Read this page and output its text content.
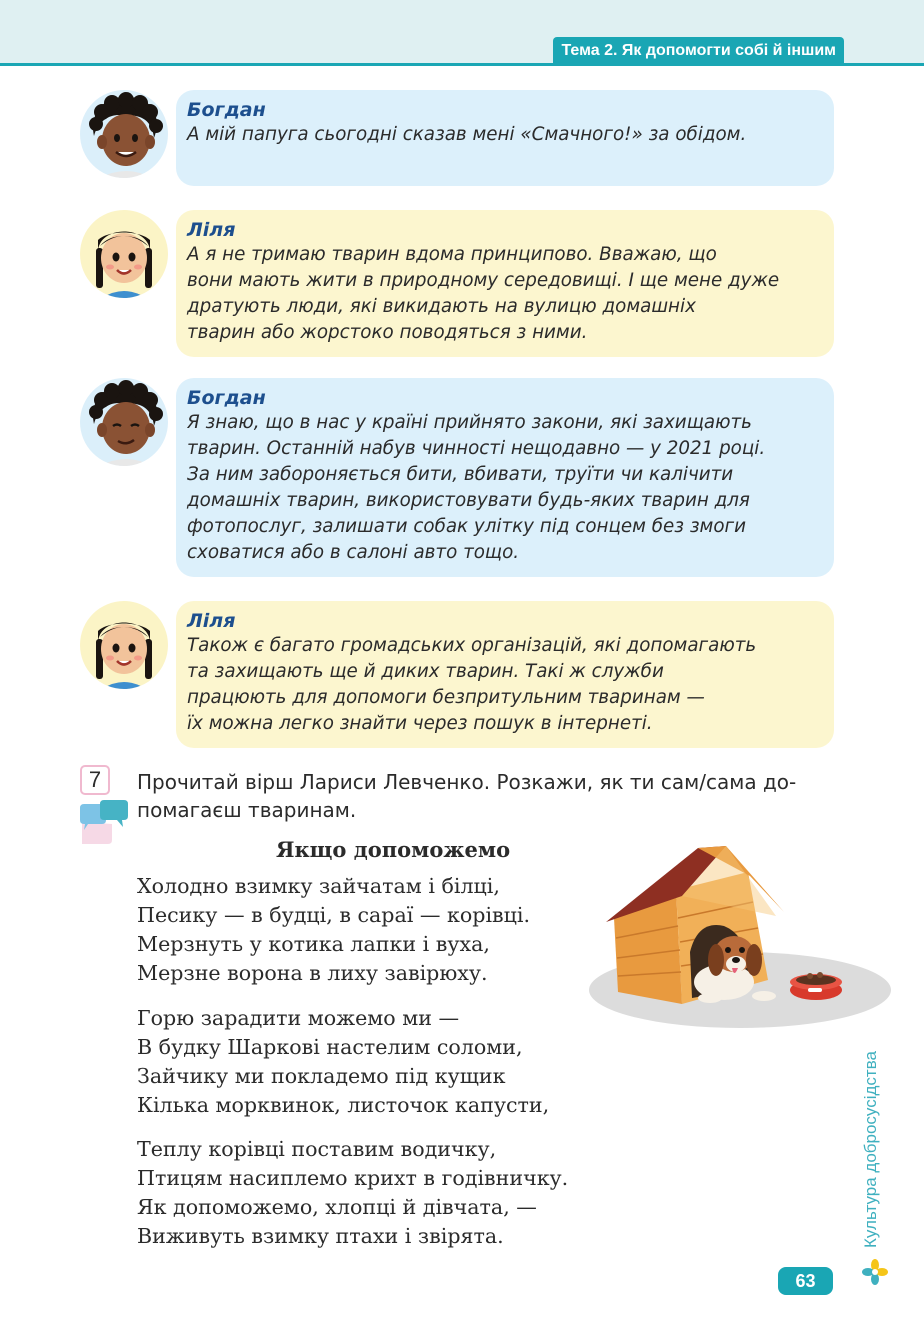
Тема 2. Як допомогти собі й іншим
Богдан
А мій папуга сьогодні сказав мені «Смачного!» за обідом.
Ліля
А я не тримаю тварин вдома принципово. Вважаю, що
вони мають жити в природному середовищі. І ще мене дуже
дратують люди, які викидають на вулицю домашніх
тварин або жорстоко поводяться з ними.
Богдан
Я знаю, що в нас у країні прийнято закони, які захищають
тварин. Останній набув чинності нещодавно — у 2021 році.
За ним забороняється бити, вбивати, труїти чи калічити
домашніх тварин, використовувати будь-яких тварин для
фотопослуг, залишати собак улітку під сонцем без змоги
сховатися або в салоні авто тощо.
Ліля
Також є багато громадських організацій, які допомагають
та захищають ще й диких тварин. Такі ж служби
працюють для допомоги безпритульним тваринам —
їх можна легко знайти через пошук в інтернеті.
7	Прочитай вірш Лариси Левченко. Розкажи, як ти сам/сама до-
помагаєш тваринам.
Якщо допоможемо
Холодно взимку зайчатам і білці,
Песику — в будці, в сараї — корівці.
Мерзнуть у котика лапки і вуха,
Мерзне ворона в лиху завірюху.
Горю зарадити можемо ми —
В будку Шаркові настелим соломи,
Зайчику ми покладемо під кущик
Кілька морквинок, листочок капусти,
Теплу корівці поставим водичку,
Птицям насиплемо крихт в годівничку.
Як допоможемо, хлопці й дівчата, —
Виживуть взимку птахи і звірята.	Культура добросусідства
63
